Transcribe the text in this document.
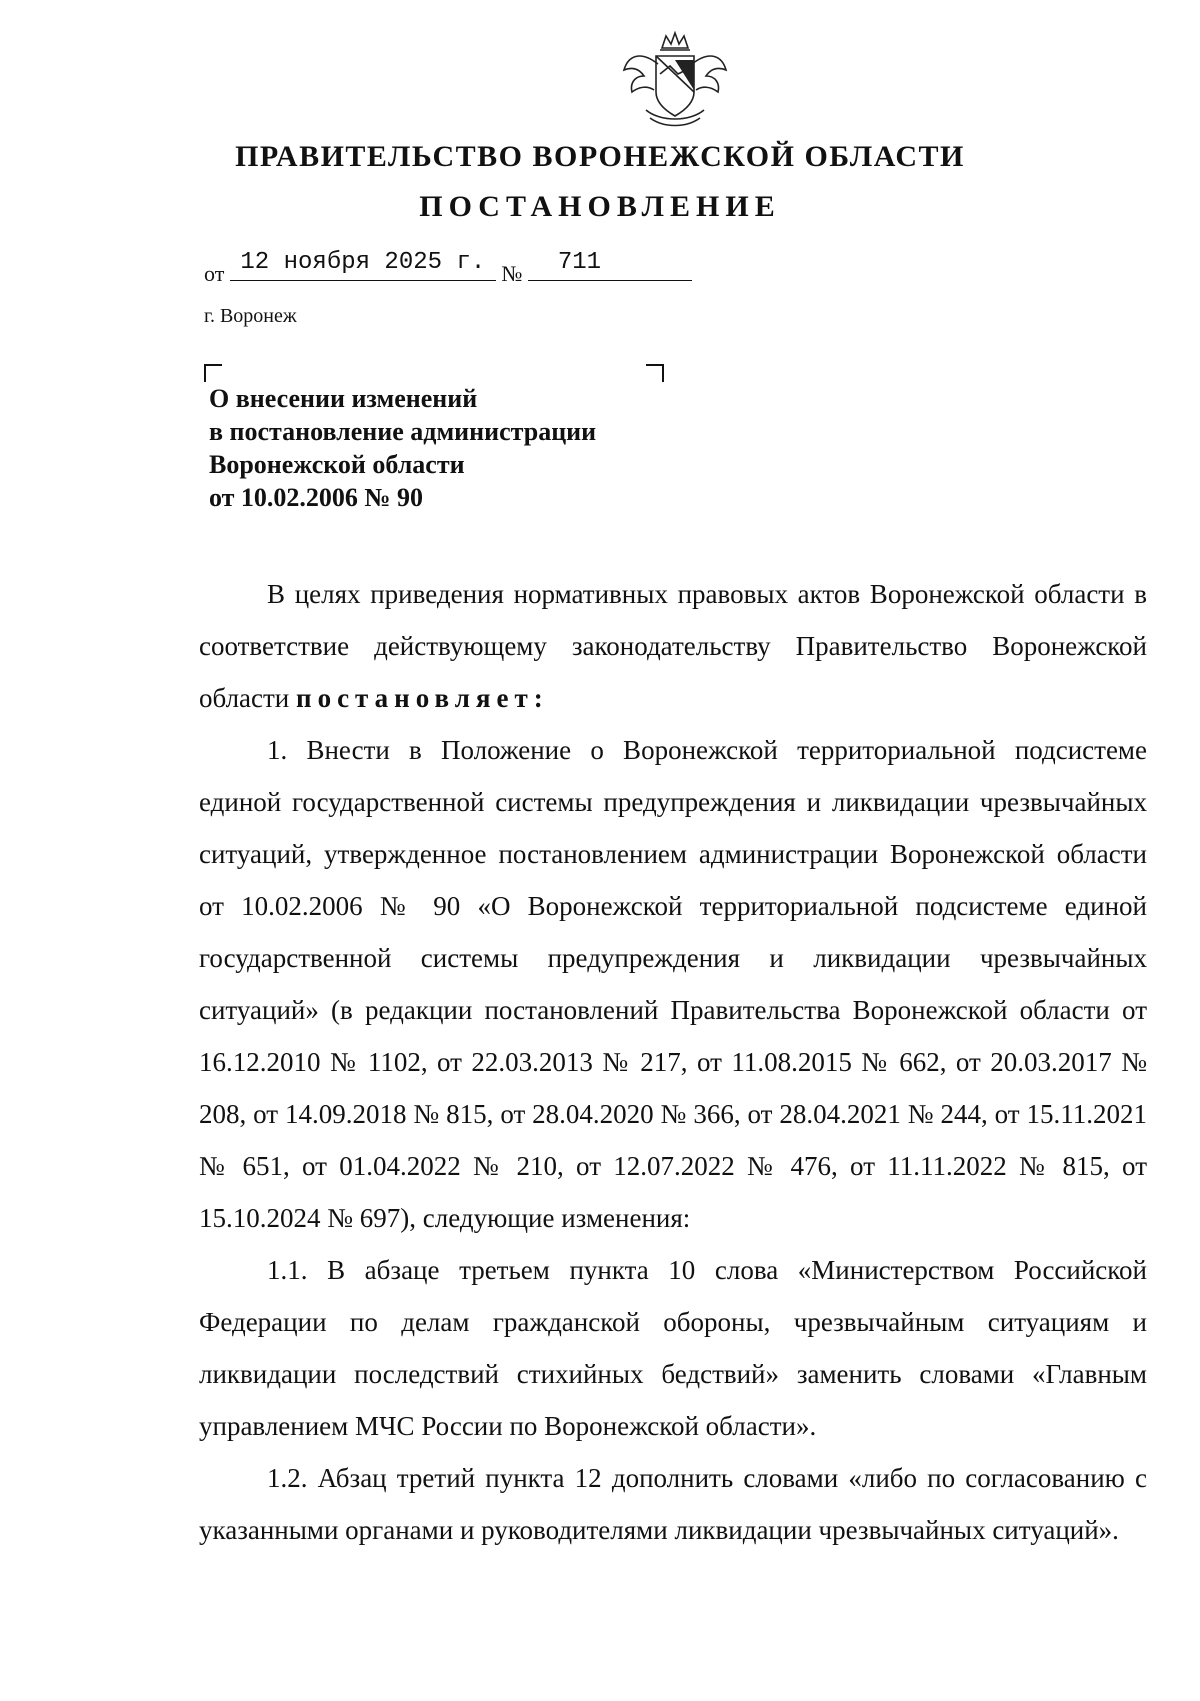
ПРАВИТЕЛЬСТВО ВОРОНЕЖСКОЙ ОБЛАСТИ
ПОСТАНОВЛЕНИЕ
от 12 ноября 2025 г. № 711
г. Воронеж
О внесении изменений
в постановление администрации
Воронежской области
от 10.02.2006 № 90

В целях приведения нормативных правовых актов Воронежской области в соответствие действующему законодательству Правительство Воронежской области постановляет:

1. Внести в Положение о Воронежской территориальной подсистеме единой государственной системы предупреждения и ликвидации чрезвычайных ситуаций, утвержденное постановлением администрации Воронежской области от 10.02.2006 № 90 «О Воронежской территориальной подсистеме единой государственной системы предупреждения и ликвидации чрезвычайных ситуаций» (в редакции постановлений Правительства Воронежской области от 16.12.2010 № 1102, от 22.03.2013 № 217, от 11.08.2015 № 662, от 20.03.2017 № 208, от 14.09.2018 № 815, от 28.04.2020 № 366, от 28.04.2021 № 244, от 15.11.2021 № 651, от 01.04.2022 № 210, от 12.07.2022 № 476, от 11.11.2022 № 815, от 15.10.2024 № 697), следующие изменения:

1.1. В абзаце третьем пункта 10 слова «Министерством Российской Федерации по делам гражданской обороны, чрезвычайным ситуациям и ликвидации последствий стихийных бедствий» заменить словами «Главным управлением МЧС России по Воронежской области».

1.2. Абзац третий пункта 12 дополнить словами «либо по согласованию с указанными органами и руководителями ликвидации чрезвычайных ситуаций».
